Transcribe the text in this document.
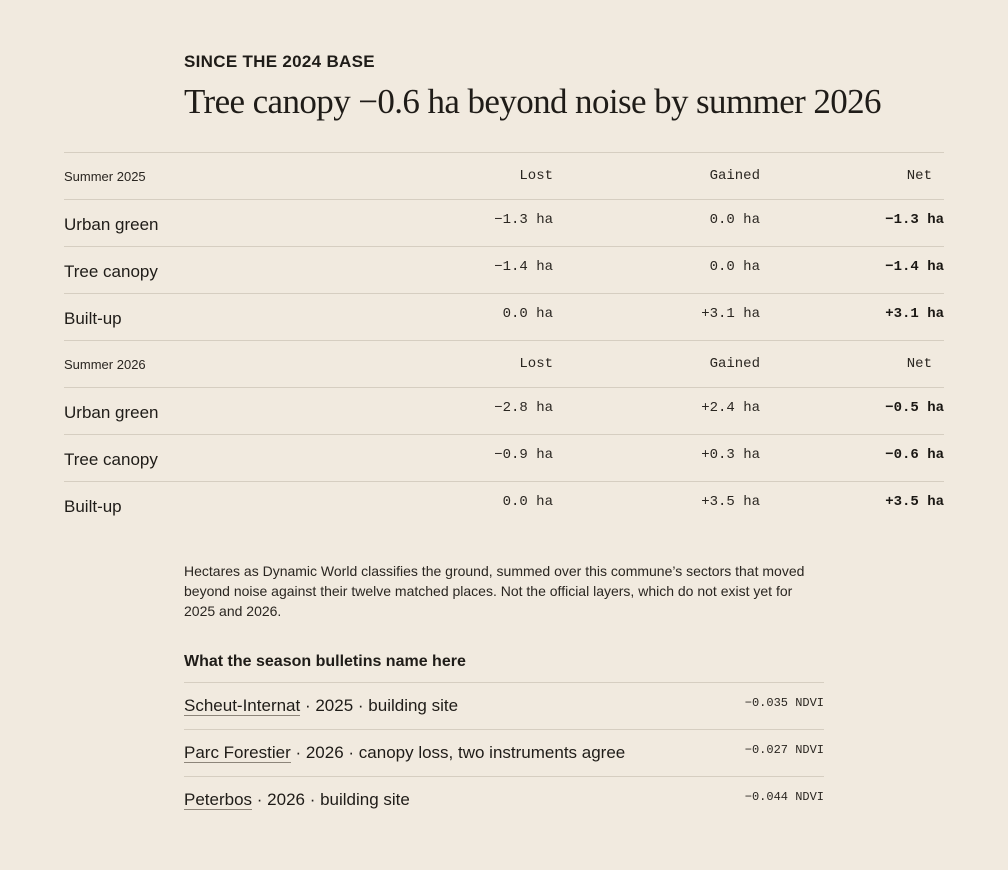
SINCE THE 2024 BASE
Tree canopy −0.6 ha beyond noise by summer 2026
Summer 2025	Lost	Gained	Net
Urban green	−1.3 ha	0.0 ha	−1.3 ha
Tree canopy	−1.4 ha	0.0 ha	−1.4 ha
Built-up	0.0 ha	+3.1 ha	+3.1 ha
Summer 2026	Lost	Gained	Net
Urban green	−2.8 ha	+2.4 ha	−0.5 ha
Tree canopy	−0.9 ha	+0.3 ha	−0.6 ha
Built-up	0.0 ha	+3.5 ha	+3.5 ha

Hectares as Dynamic World classifies the ground, summed over this commune’s sectors that moved beyond noise against their twelve matched places. Not the official layers, which do not exist yet for 2025 and 2026.

What the season bulletins name here
Scheut-Internat · 2025 · building site	−0.035 NDVI
Parc Forestier · 2026 · canopy loss, two instruments agree	−0.027 NDVI
Peterbos · 2026 · building site	−0.044 NDVI
